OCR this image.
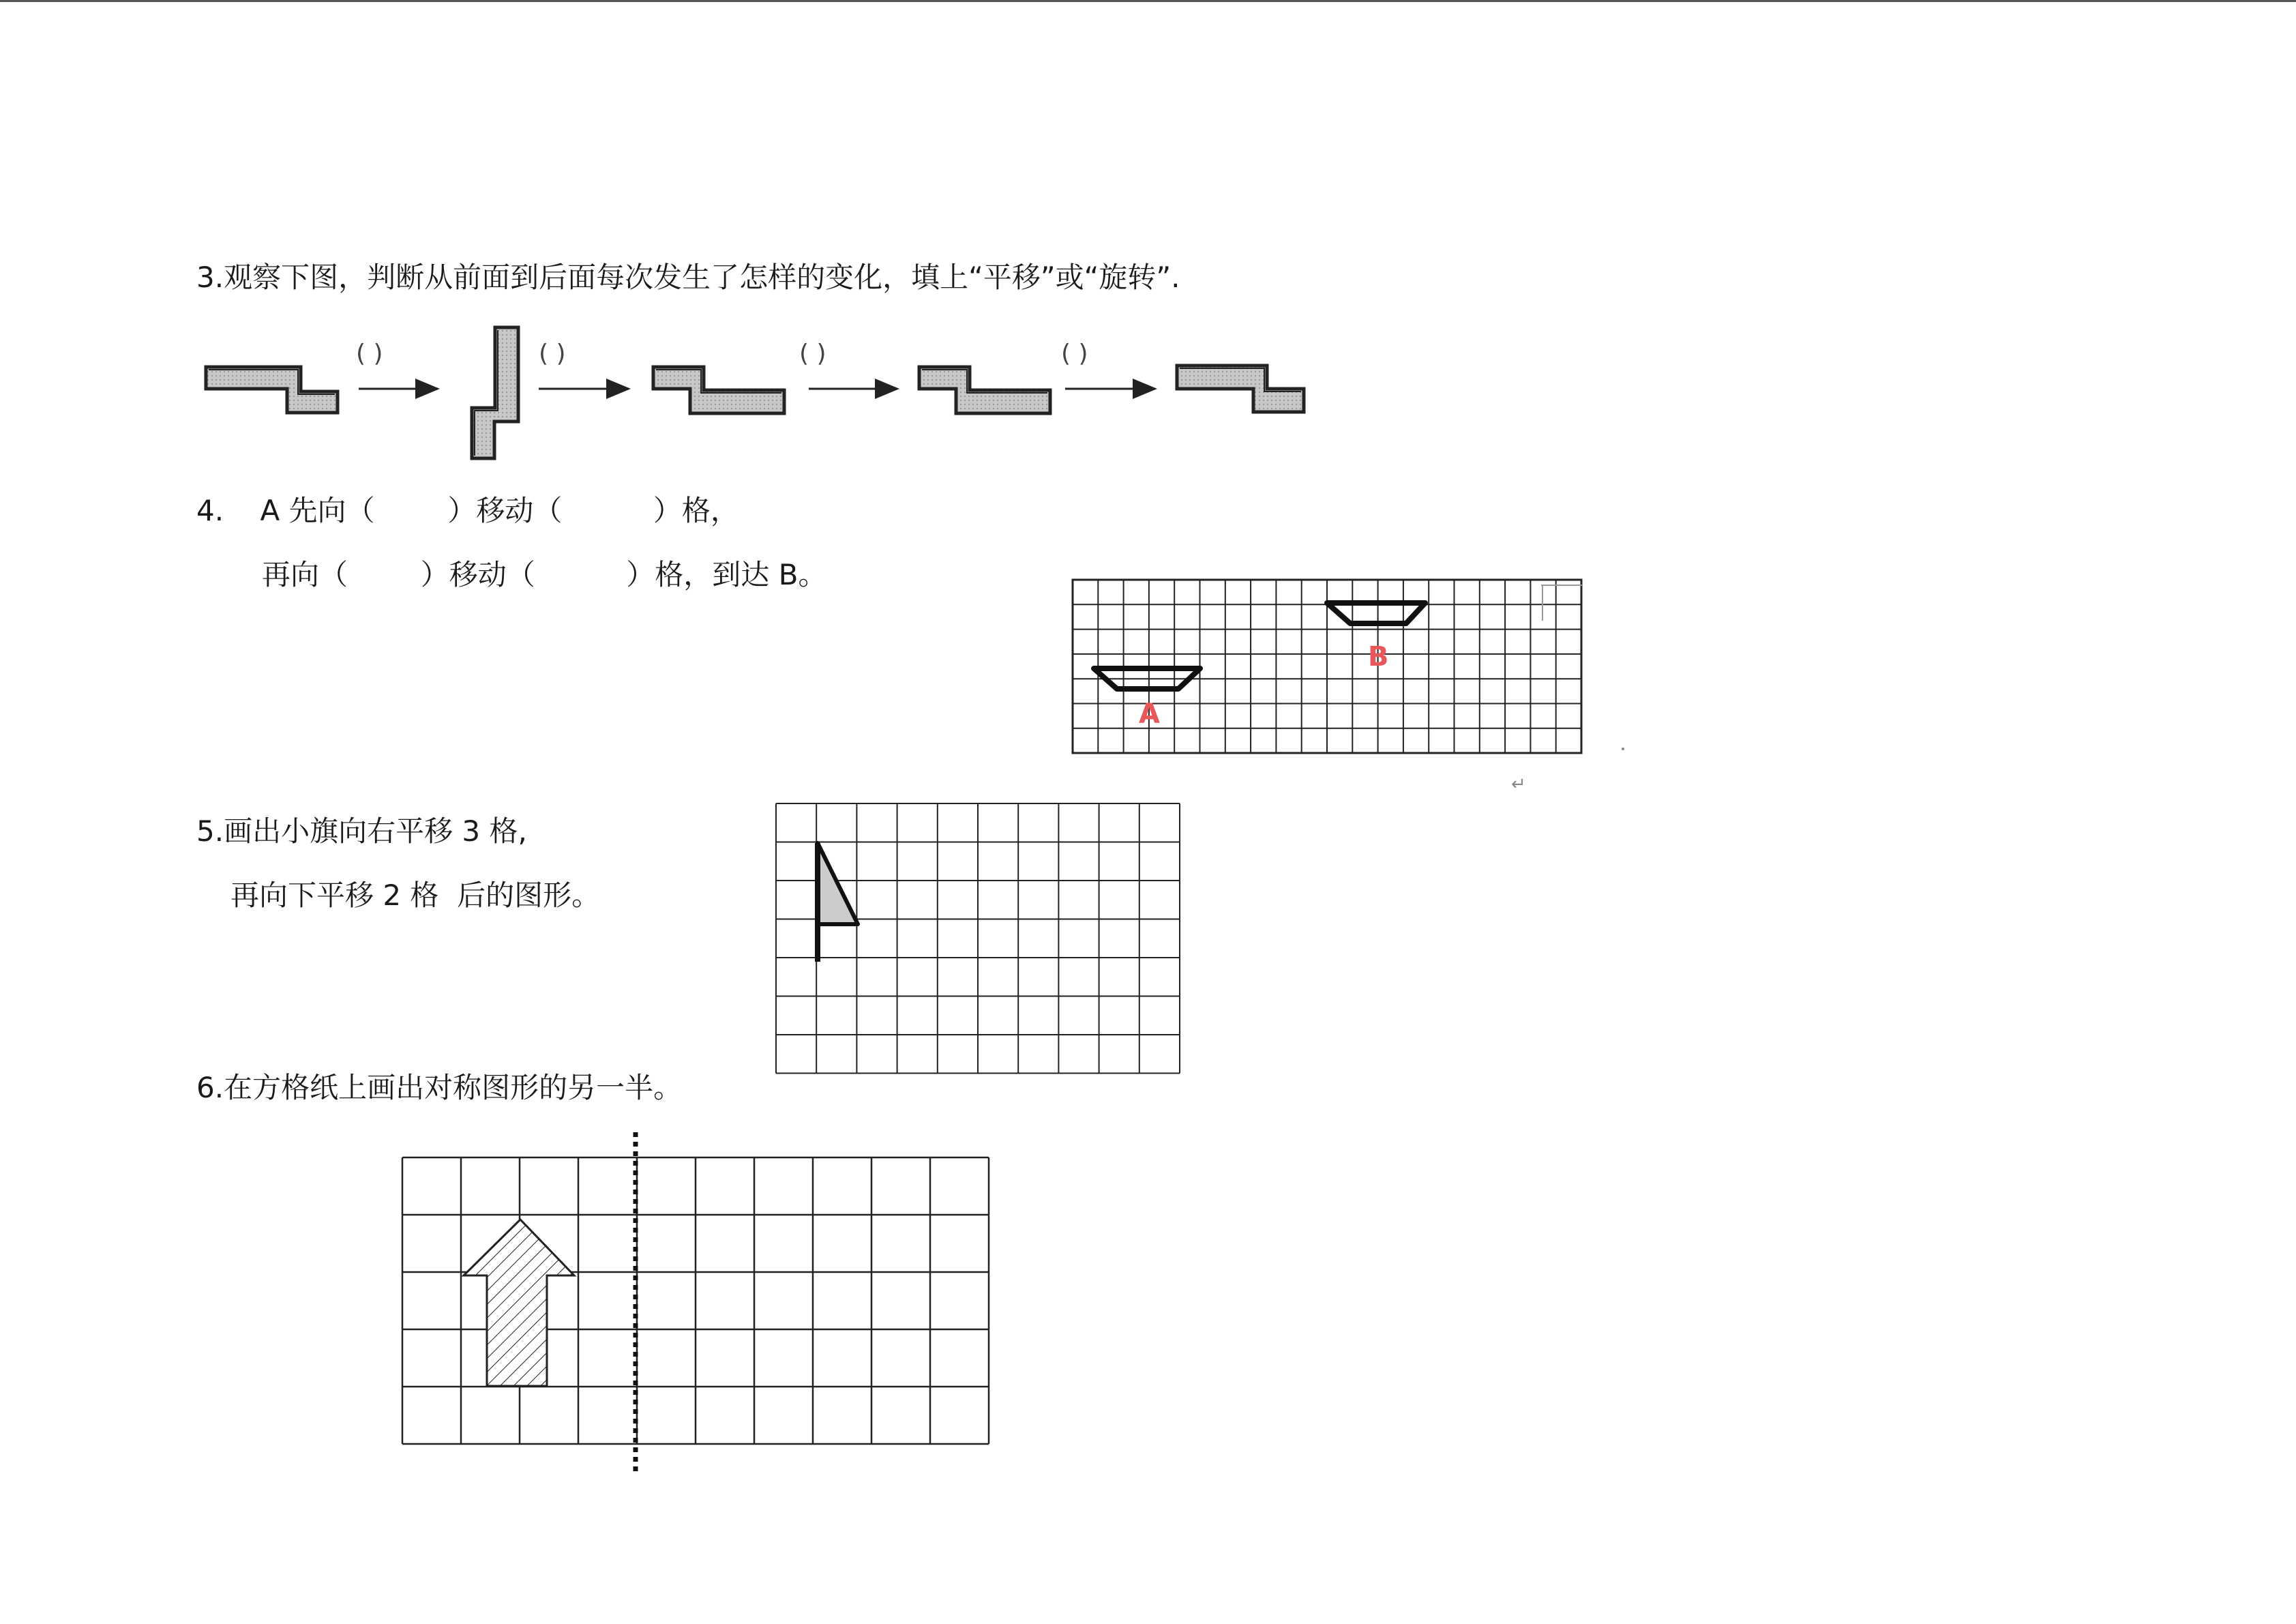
3.观察下图，判断从前面到后面每次发生了怎样的变化，填上“平移”或“旋转”.
( )	( )	( )	( )
4.    A 先向（        ）移动（          ）格，
再向（        ）移动（          ）格，到达 B。
A
B
↵
5.画出小旗向右平移 3 格,
再向下平移 2 格  后的图形。
6.在方格纸上画出对称图形的另一半。
